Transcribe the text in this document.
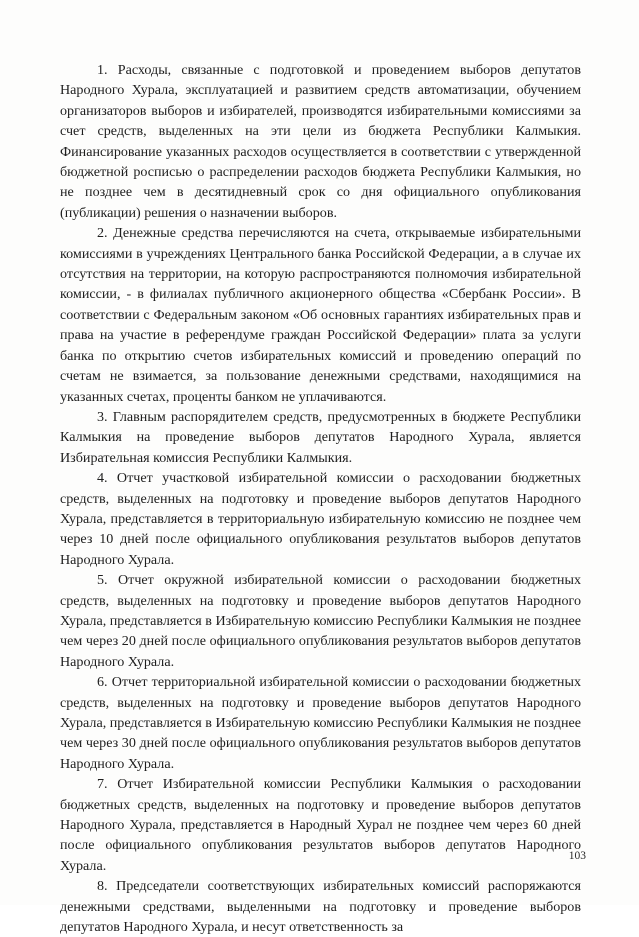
1. Расходы, связанные с подготовкой и проведением выборов депутатов Народного Хурала, эксплуатацией и развитием средств автоматизации, обучением организаторов выборов и избирателей, производятся избирательными комиссиями за счет средств, выделенных на эти цели из бюджета Республики Калмыкия. Финансирование указанных расходов осуществляется в соответствии с утвержденной бюджетной росписью о распределении расходов бюджета Республики Калмыкия, но не позднее чем в десятидневный срок со дня официального опубликования (публикации) решения о назначении выборов.

2. Денежные средства перечисляются на счета, открываемые избирательными комиссиями в учреждениях Центрального банка Российской Федерации, а в случае их отсутствия на территории, на которую распространяются полномочия избирательной комиссии, - в филиалах публичного акционерного общества «Сбербанк России». В соответствии с Федеральным законом «Об основных гарантиях избирательных прав и права на участие в референдуме граждан Российской Федерации» плата за услуги банка по открытию счетов избирательных комиссий и проведению операций по счетам не взимается, за пользование денежными средствами, находящимися на указанных счетах, проценты банком не уплачиваются.

3. Главным распорядителем средств, предусмотренных в бюджете Республики Калмыкия на проведение выборов депутатов Народного Хурала, является Избирательная комиссия Республики Калмыкия.

4. Отчет участковой избирательной комиссии о расходовании бюджетных средств, выделенных на подготовку и проведение выборов депутатов Народного Хурала, представляется в территориальную избирательную комиссию не позднее чем через 10 дней после официального опубликования результатов выборов депутатов Народного Хурала.

5. Отчет окружной избирательной комиссии о расходовании бюджетных средств, выделенных на подготовку и проведение выборов депутатов Народного Хурала, представляется в Избирательную комиссию Республики Калмыкия не позднее чем через 20 дней после официального опубликования результатов выборов депутатов Народного Хурала.

6. Отчет территориальной избирательной комиссии о расходовании бюджетных средств, выделенных на подготовку и проведение выборов депутатов Народного Хурала, представляется в Избирательную комиссию Республики Калмыкия не позднее чем через 30 дней после официального опубликования результатов выборов депутатов Народного Хурала.

7. Отчет Избирательной комиссии Республики Калмыкия о расходовании бюджетных средств, выделенных на подготовку и проведение выборов депутатов Народного Хурала, представляется в Народный Хурал не позднее чем через 60 дней после официального опубликования результатов выборов депутатов Народного Хурала.

8. Председатели соответствующих избирательных комиссий распоряжаются денежными средствами, выделенными на подготовку и проведение выборов депутатов Народного Хурала, и несут ответственность за

103
